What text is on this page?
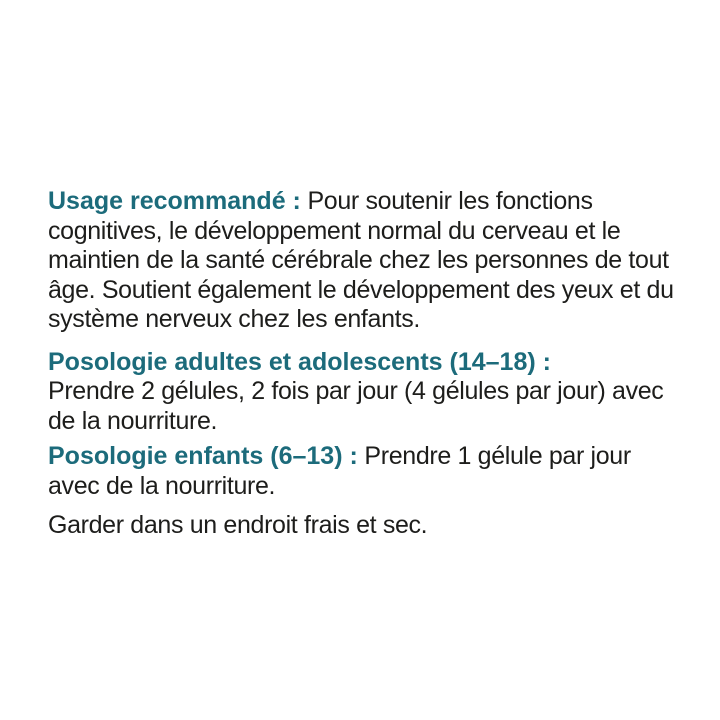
Usage recommandé : Pour soutenir les fonctions cognitives, le développement normal du cerveau et le maintien de la santé cérébrale chez les personnes de tout âge. Soutient également le développement des yeux et du système nerveux chez les enfants.

Posologie adultes et adolescents (14–18) :
Prendre 2 gélules, 2 fois par jour (4 gélules par jour) avec de la nourriture.

Posologie enfants (6–13) : Prendre 1 gélule par jour avec de la nourriture.

Garder dans un endroit frais et sec.
